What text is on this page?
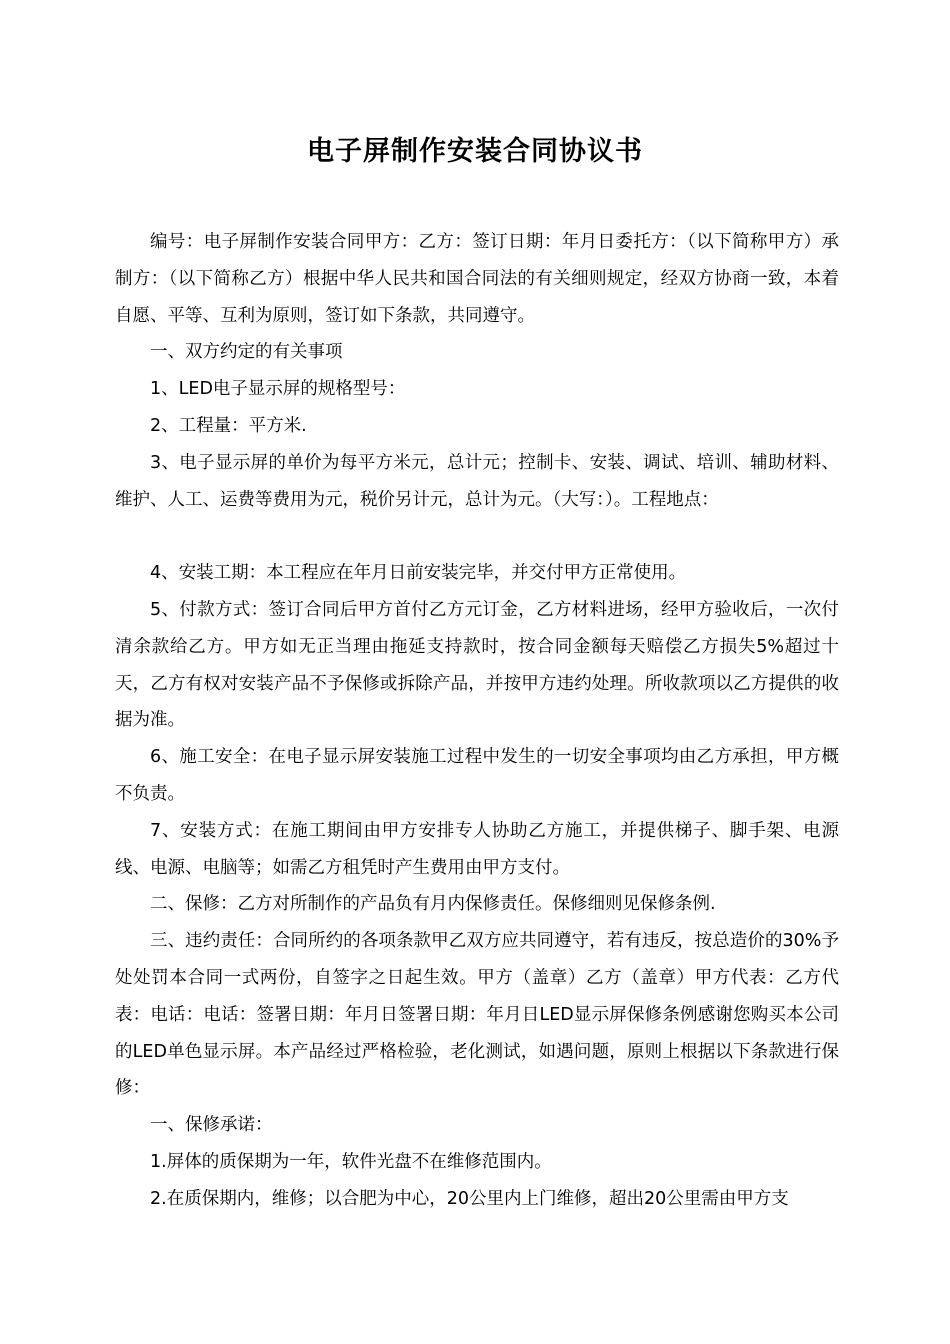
电子屏制作安装合同协议书

编号：电子屏制作安装合同甲方：乙方：签订日期：年月日委托方：（以下简称甲方）承制方：（以下简称乙方）根据中华人民共和国合同法的有关细则规定，经双方协商一致，本着自愿、平等、互利为原则，签订如下条款，共同遵守。

一、双方约定的有关事项

1、LED电子显示屏的规格型号：

2、工程量：平方米.

3、电子显示屏的单价为每平方米元，总计元；控制卡、安装、调试、培训、辅助材料、维护、人工、运费等费用为元，税价另计元，总计为元。（大写：）。工程地点：

4、安装工期：本工程应在年月日前安装完毕，并交付甲方正常使用。

5、付款方式：签订合同后甲方首付乙方元订金，乙方材料进场，经甲方验收后，一次付清余款给乙方。甲方如无正当理由拖延支持款时，按合同金额每天赔偿乙方损失5%超过十天，乙方有权对安装产品不予保修或拆除产品，并按甲方违约处理。所收款项以乙方提供的收据为准。

6、施工安全：在电子显示屏安装施工过程中发生的一切安全事项均由乙方承担，甲方概不负责。

7、安装方式：在施工期间由甲方安排专人协助乙方施工，并提供梯子、脚手架、电源线、电源、电脑等；如需乙方租凭时产生费用由甲方支付。

二、保修：乙方对所制作的产品负有月内保修责任。保修细则见保修条例.

三、违约责任：合同所约的各项条款甲乙双方应共同遵守，若有违反，按总造价的30%予处处罚本合同一式两份，自签字之日起生效。甲方（盖章）乙方（盖章）甲方代表：乙方代表：电话：电话：签署日期：年月日签署日期：年月日LED显示屏保修条例感谢您购买本公司的LED单色显示屏。本产品经过严格检验，老化测试，如遇问题，原则上根据以下条款进行保修：

一、保修承诺：

1.屏体的质保期为一年，软件光盘不在维修范围内。

2.在质保期内，维修；以合肥为中心，20公里内上门维修，超出20公里需由甲方支
